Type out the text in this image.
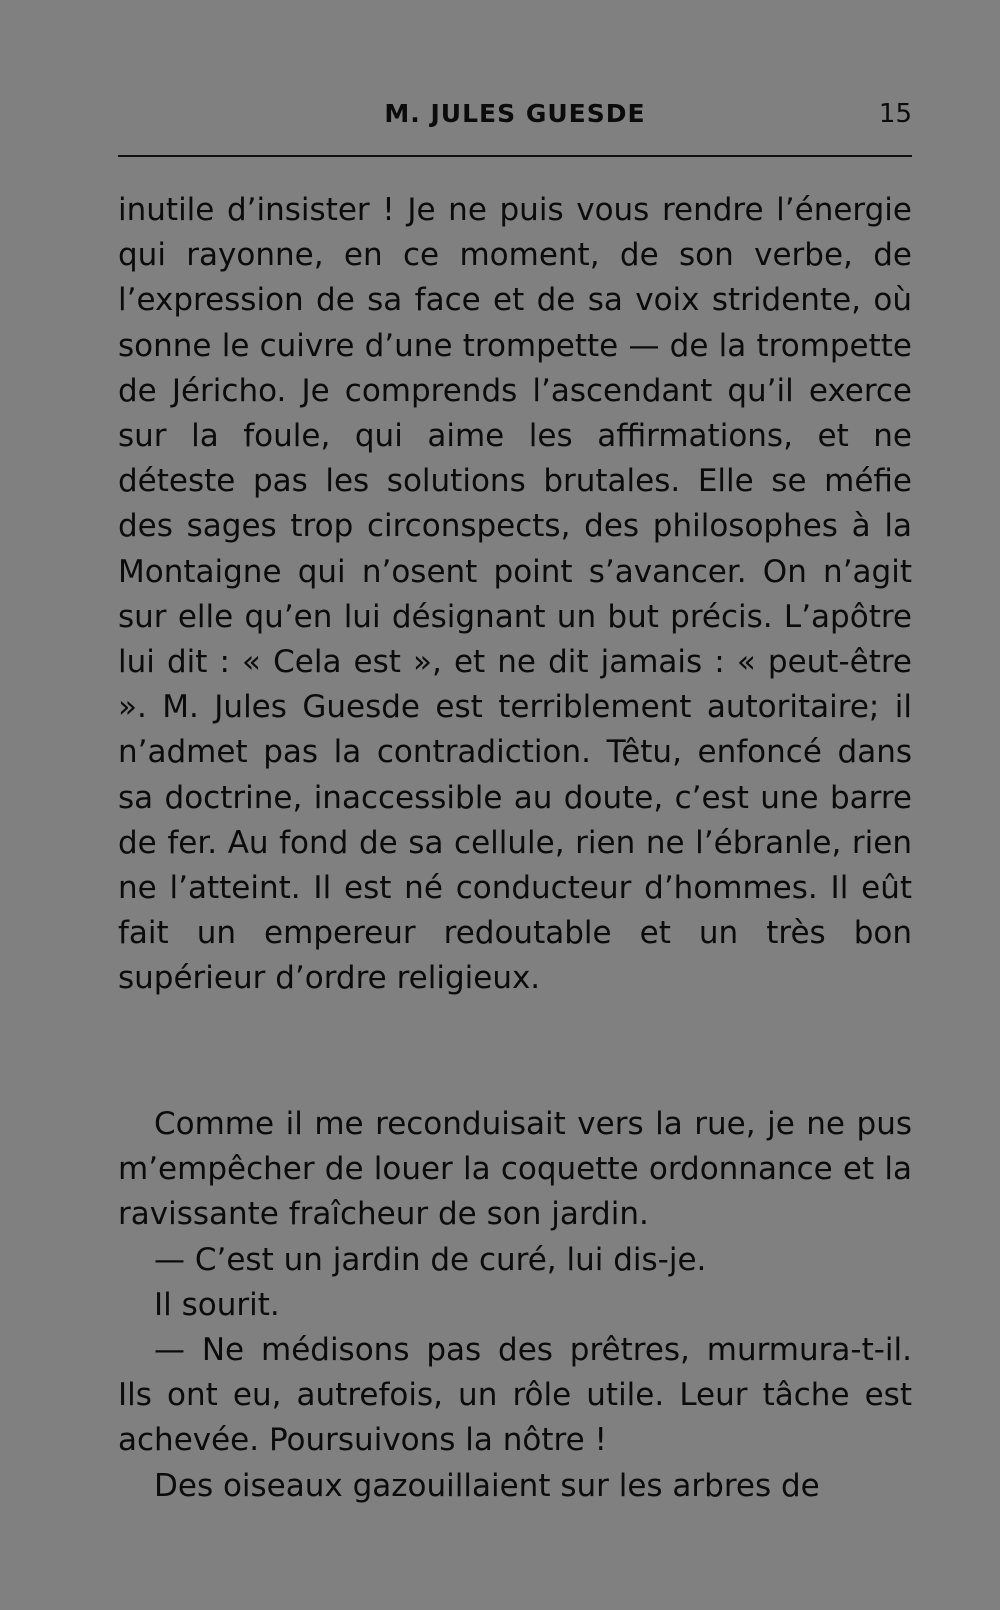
M. JULES GUESDE	15

inutile d’insister ! Je ne puis vous rendre l’énergie qui rayonne, en ce moment, de son verbe, de l’expression de sa face et de sa voix stridente, où sonne le cuivre d’une trompette — de la trompette de Jéricho. Je comprends l’ascendant qu’il exerce sur la foule, qui aime les affirmations, et ne déteste pas les solutions brutales. Elle se méfie des sages trop circonspects, des philosophes à la Montaigne qui n’osent point s’avancer. On n’agit sur elle qu’en lui désignant un but précis. L’apôtre lui dit : « Cela est », et ne dit jamais : « peut-être ». M. Jules Guesde est terriblement autoritaire; il n’admet pas la contradiction. Têtu, enfoncé dans sa doctrine, inaccessible au doute, c’est une barre de fer. Au fond de sa cellule, rien ne l’ébranle, rien ne l’atteint. Il est né conducteur d’hommes. Il eût fait un empereur redoutable et un très bon supérieur d’ordre religieux.

Comme il me reconduisait vers la rue, je ne pus m’empêcher de louer la coquette ordonnance et la ravissante fraîcheur de son jardin.

— C’est un jardin de curé, lui dis-je.

Il sourit.

— Ne médisons pas des prêtres, murmura-t-il. Ils ont eu, autrefois, un rôle utile. Leur tâche est achevée. Poursuivons la nôtre !

Des oiseaux gazouillaient sur les arbres de
